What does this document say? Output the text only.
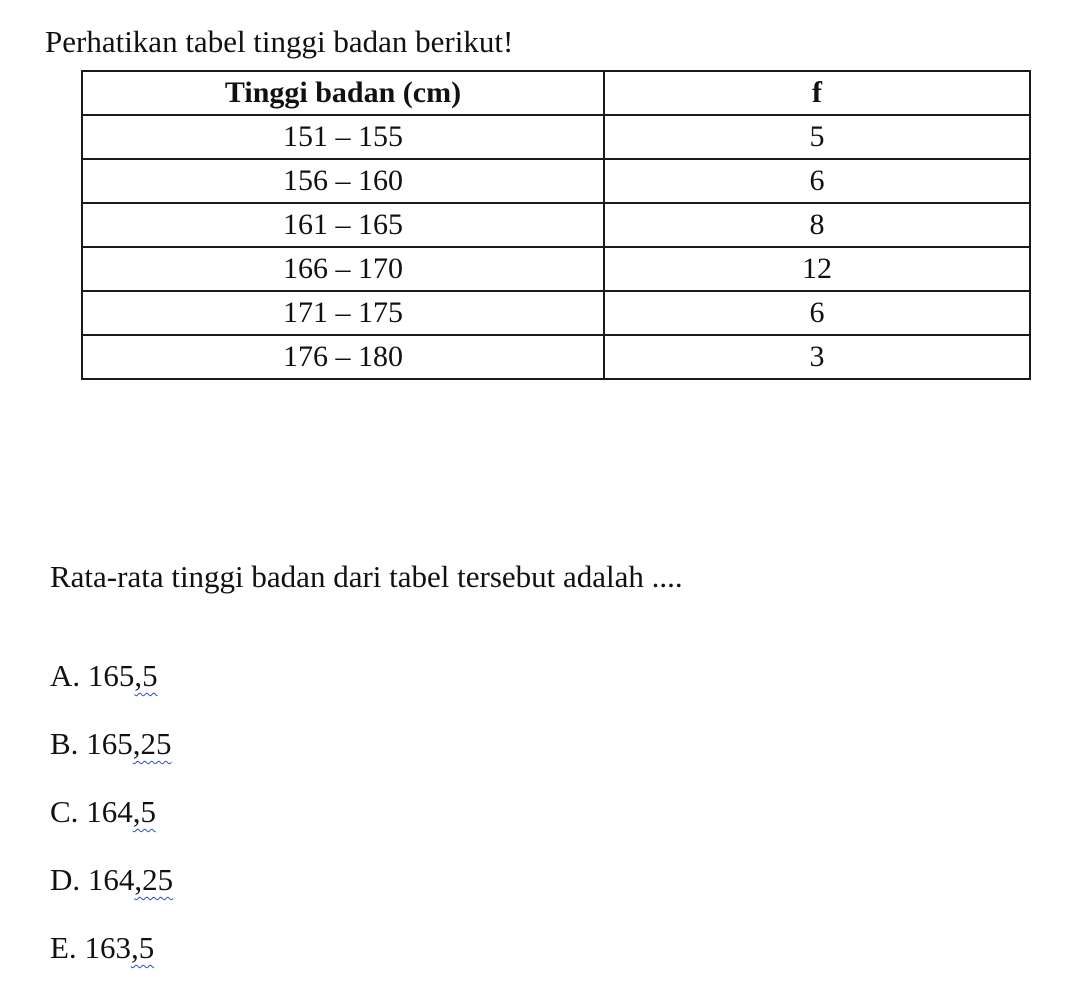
Perhatikan tabel tinggi badan berikut!
Tinggi badan (cm)	f
151 – 155	5
156 – 160	6
161 – 165	8
166 – 170	12
171 – 175	6
176 – 180	3
Rata-rata tinggi badan dari tabel tersebut adalah ....
A. 165,5
B. 165,25
C. 164,5
D. 164,25
E. 163,5
